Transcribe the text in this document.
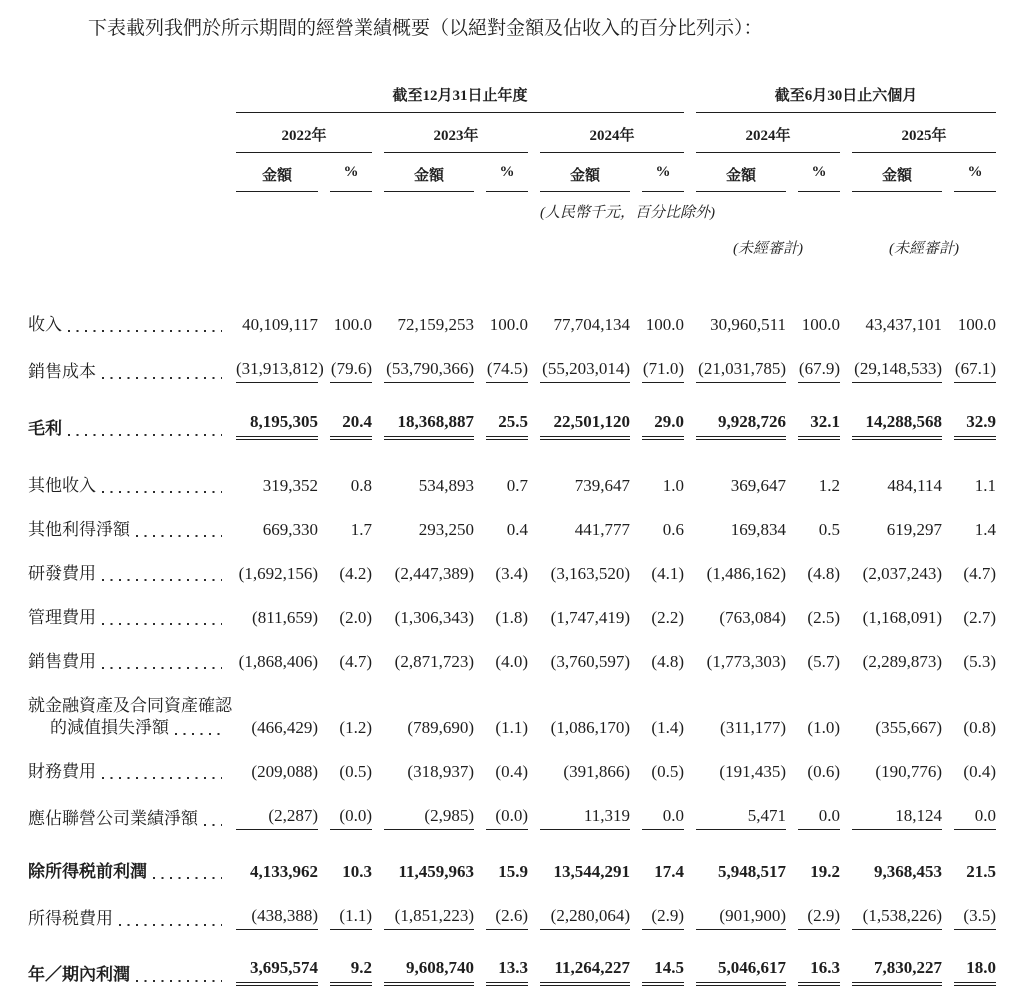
下表載列我們於所示期間的經營業績概要（以絕對金額及佔收入的百分比列示）：
截至12月31日止年度	截至6月30日止六個月
2022年	2023年	2024年	2024年	2025年
金額	%	金額	%	金額	%	金額	%	金額	%
(人民幣千元，百分比除外)
(未經審計)	(未經審計)
收入	40,109,117 100.0	72,159,253 100.0	77,704,134 100.0	30,960,511 100.0	43,437,101 100.0
銷售成本	(31,913,812) (79.6) (53,790,366) (74.5) (55,203,014) (71.0) (21,031,785) (67.9) (29,148,533) (67.1)
毛利	8,195,305	20.4	18,368,887	25.5	22,501,120	29.0	9,928,726	32.1	14,288,568	32.9
其他收入	319,352	0.8	534,893	0.7	739,647	1.0	369,647	1.2	484,114	1.1
其他利得淨額	669,330	1.7	293,250	0.4	441,777	0.6	169,834	0.5	619,297	1.4
研發費用	(1,692,156)	(4.2)	(2,447,389)	(3.4)	(3,163,520)	(4.1)	(1,486,162)	(4.8)	(2,037,243)	(4.7)
管理費用	(811,659)	(2.0)	(1,306,343)	(1.8)	(1,747,419)	(2.2)	(763,084)	(2.5)	(1,168,091)	(2.7)
銷售費用	(1,868,406)	(4.7)	(2,871,723)	(4.0)	(3,760,597)	(4.8)	(1,773,303)	(5.7)	(2,289,873)	(5.3)
就金融資產及合同資產確認
的減值損失淨額	(466,429)	(1.2)	(789,690)	(1.1)	(1,086,170)	(1.4)	(311,177)	(1.0)	(355,667)	(0.8)
財務費用	(209,088)	(0.5)	(318,937)	(0.4)	(391,866)	(0.5)	(191,435)	(0.6)	(190,776)	(0.4)
應佔聯營公司業績淨額	(2,287)	(0.0)	(2,985)	(0.0)	11,319	0.0	5,471	0.0	18,124	0.0
除所得税前利潤	4,133,962	10.3	11,459,963	15.9	13,544,291	17.4	5,948,517	19.2	9,368,453	21.5
所得税費用	(438,388)	(1.1)	(1,851,223)	(2.6)	(2,280,064)	(2.9)	(901,900)	(2.9)	(1,538,226)	(3.5)
年／期內利潤	3,695,574	9.2	9,608,740	13.3	11,264,227	14.5	5,046,617	16.3	7,830,227	18.0
